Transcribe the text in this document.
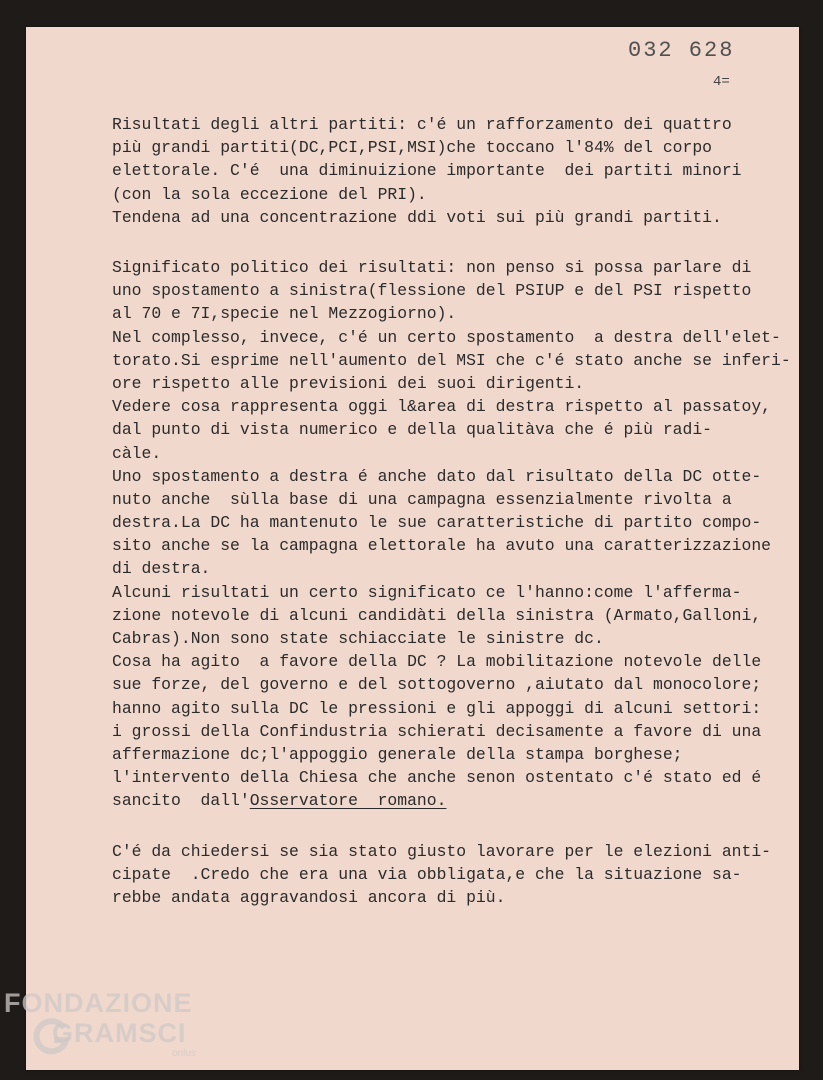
032 628
4=
Risultati degli altri partiti: c'é un rafforzamento dei quattro
più grandi partiti(DC,PCI,PSI,MSI)che toccano l'84% del corpo
elettorale. C'é  una diminuizione importante  dei partiti minori
(con la sola eccezione del PRI).
Tendena ad una concentrazione ddi voti sui più grandi partiti.
Significato politico dei risultati: non penso si possa parlare di
uno spostamento a sinistra(flessione del PSIUP e del PSI rispetto
al 70 e 7I,specie nel Mezzogiorno).
Nel complesso, invece, c'é un certo spostamento  a destra dell'elet-
torato.Si esprime nell'aumento del MSI che c'é stato anche se inferi-
ore rispetto alle previsioni dei suoi dirigenti.
Vedere cosa rappresenta oggi l&area di destra rispetto al passatoy,
dal punto di vista numerico e della qualitàva che é più radi-
càle.
Uno spostamento a destra é anche dato dal risultato della DC otte-
nuto anche  sùlla base di una campagna essenzialmente rivolta a
destra.La DC ha mantenuto le sue caratteristiche di partito compo-
sito anche se la campagna elettorale ha avuto una caratterizzazione
di destra.
Alcuni risultati un certo significato ce l'hanno:come l'afferma-
zione notevole di alcuni candidàti della sinistra (Armato,Galloni,
Cabras).Non sono state schiacciate le sinistre dc.
Cosa ha agito  a favore della DC ? La mobilitazione notevole delle
sue forze, del governo e del sottogoverno ,aiutato dal monocolore;
hanno agito sulla DC le pressioni e gli appoggi di alcuni settori:
i grossi della Confindustria schierati decisamente a favore di una
affermazione dc;l'appoggio generale della stampa borghese;
l'intervento della Chiesa che anche senon ostentato c'é stato ed é
sancito  dall'Osservatore  romano.
C'é da chiedersi se sia stato giusto lavorare per le elezioni anti-
cipate  .Credo che era una via obbligata,e che la situazione sa-
rebbe andata aggravandosi ancora di più.
FONDAZIONE
GRAMSCI
onlus
